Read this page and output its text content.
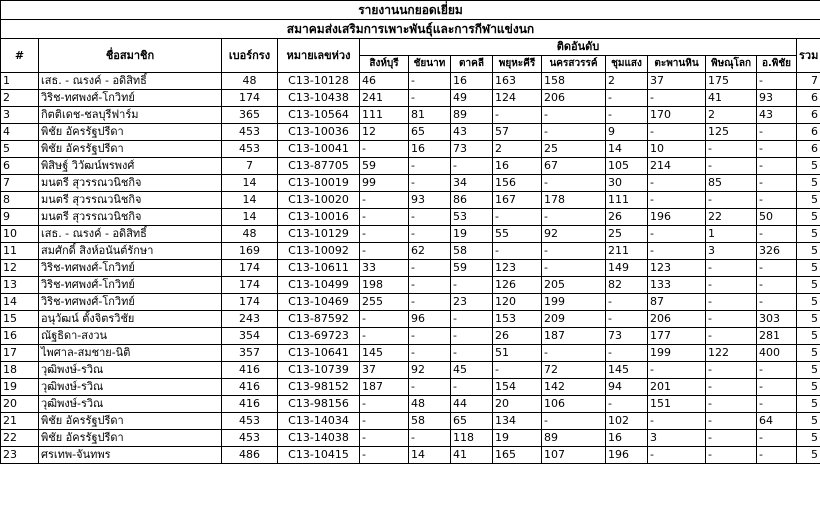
รายงานนกยอดเยี่ยม													
สมาคมส่งเสริมการเพาะพันธุ์และการกีฬาแข่งนก													
#	ชื่อสมาชิก	เบอร์กรง	หมายเลขห่วง	ติดอันดับ									รวม
				สิงห์บุรี	ชัยนาท	ตาคลี	พยุหะคีรี	นครสวรรค์	ชุมแสง	ตะพานหิน	พิษณุโลก	อ.พิชัย	
1	เสธ. - ณรงค์ - อดิสิทธิ์	48	C13-10128	46	-	16	163	158	2	37	175	-	7
2	วิริช-ทศพงศ์-โกวิทย์	174	C13-10438	241	-	49	124	206	-	-	41	93	6
3	กิตติเดช-ชลบุรีฟาร์ม	365	C13-10564	111	81	89	-	-	-	170	2	43	6
4	พิชัย อัครรัฐปรีดา	453	C13-10036	12	65	43	57	-	9	-	125	-	6
5	พิชัย อัครรัฐปรีดา	453	C13-10041	-	16	73	2	25	14	10	-	-	6
6	พิสิษฐ์ วิวัฒน์พรพงศ์	7	C13-87705	59	-	-	16	67	105	214	-	-	5
7	มนตรี สุวรรณวนิชกิจ	14	C13-10019	99	-	34	156	-	30	-	85	-	5
8	มนตรี สุวรรณวนิชกิจ	14	C13-10020	-	93	86	167	178	111	-	-	-	5
9	มนตรี สุวรรณวนิชกิจ	14	C13-10016	-	-	53	-	-	26	196	22	50	5
10	เสธ. - ณรงค์ - อดิสิทธิ์	48	C13-10129	-	-	19	55	92	25	-	1	-	5
11	สมศักดิ์ สิงห์อนันต์รักษา	169	C13-10092	-	62	58	-	-	211	-	3	326	5
12	วิริช-ทศพงศ์-โกวิทย์	174	C13-10611	33	-	59	123	-	149	123	-	-	5
13	วิริช-ทศพงศ์-โกวิทย์	174	C13-10499	198	-	-	126	205	82	133	-	-	5
14	วิริช-ทศพงศ์-โกวิทย์	174	C13-10469	255	-	23	120	199	-	87	-	-	5
15	อนุวัฒน์ ตั้งจิตรวิชัย	243	C13-87592	-	96	-	153	209	-	206	-	303	5
16	ณัฐธิดา-สงวน	354	C13-69723	-	-	-	26	187	73	177	-	281	5
17	ไพศาล-สมชาย-นิติ	357	C13-10641	145	-	-	51	-	-	199	122	400	5
18	วุฒิพงษ์-รวิณ	416	C13-10739	37	92	45	-	72	145	-	-	-	5
19	วุฒิพงษ์-รวิณ	416	C13-98152	187	-	-	154	142	94	201	-	-	5
20	วุฒิพงษ์-รวิณ	416	C13-98156	-	48	44	20	106	-	151	-	-	5
21	พิชัย อัครรัฐปรีดา	453	C13-14034	-	58	65	134	-	102	-	-	64	5
22	พิชัย อัครรัฐปรีดา	453	C13-14038	-	-	118	19	89	16	3	-	-	5
23	ศรเทพ-จันทพร	486	C13-10415	-	14	41	165	107	196	-	-	-	5
